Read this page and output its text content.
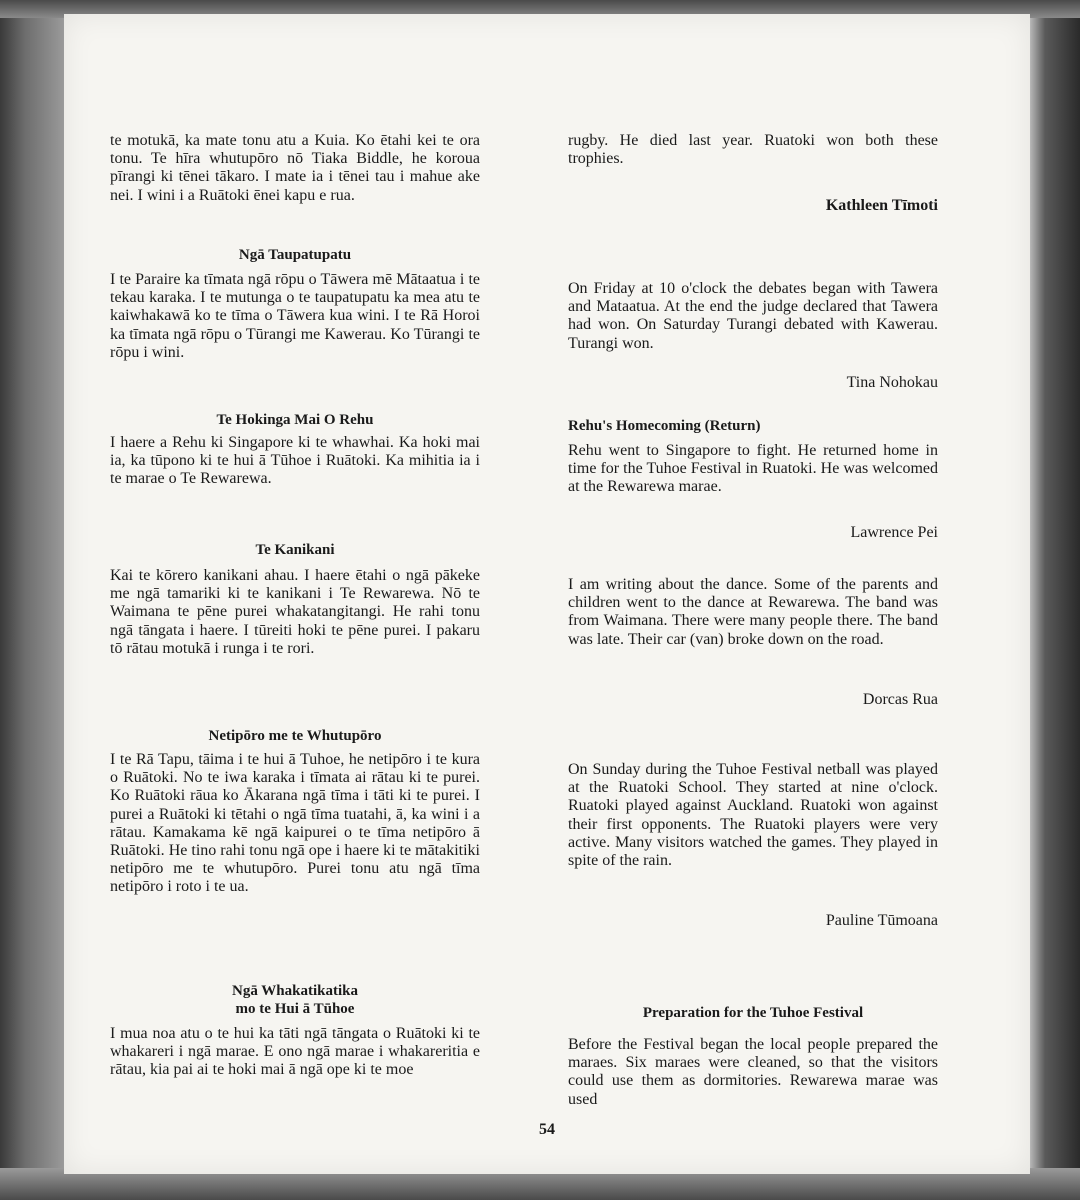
te motukā, ka mate tonu atu a Kuia. Ko ētahi kei te ora tonu. Te hīra whutupōro nō Tiaka Biddle, he koroua pīrangi ki tēnei tākaro. I mate ia i tēnei tau i mahue ake nei. I wini i a Ruātoki ēnei kapu e rua.

Ngā Taupatupatu

I te Paraire ka tīmata ngā rōpu o Tāwera mē Mātaatua i te tekau karaka. I te mutunga o te taupatupatu ka mea atu te kaiwhakawā ko te tīma o Tāwera kua wini. I te Rā Horoi ka tīmata ngā rōpu o Tūrangi me Kawerau. Ko Tūrangi te rōpu i wini.

Te Hokinga Mai O Rehu

I haere a Rehu ki Singapore ki te whawhai. Ka hoki mai ia, ka tūpono ki te hui ā Tūhoe i Ruātoki. Ka mihitia ia i te marae o Te Rewarewa.

Te Kanikani

Kai te kōrero kanikani ahau. I haere ētahi o ngā pākeke me ngā tamariki ki te kanikani i Te Rewarewa. Nō te Waimana te pēne purei whakatangitangi. He rahi tonu ngā tāngata i haere. I tūreiti hoki te pēne purei. I pakaru tō rātau motukā i runga i te rori.

Netipōro me te Whutupōro

I te Rā Tapu, tāima i te hui ā Tuhoe, he netipōro i te kura o Ruātoki. No te iwa karaka i tīmata ai rātau ki te purei. Ko Ruātoki rāua ko Ākarana ngā tīma i tāti ki te purei. I purei a Ruātoki ki tētahi o ngā tīma tuatahi, ā, ka wini i a rātau. Kamakama kē ngā kaipurei o te tīma netipōro ā Ruātoki. He tino rahi tonu ngā ope i haere ki te mātakitiki netipōro me te whutupōro. Purei tonu atu ngā tīma netipōro i roto i te ua.

Ngā Whakatikatika
mo te Hui ā Tūhoe

I mua noa atu o te hui ka tāti ngā tāngata o Ruātoki ki te whakareri i ngā marae. E ono ngā marae i whakareritia e rātau, kia pai ai te hoki mai ā ngā ope ki te moe

rugby. He died last year. Ruatoki won both these trophies.

Kathleen Tīmoti

On Friday at 10 o'clock the debates began with Tawera and Mataatua. At the end the judge declared that Tawera had won. On Saturday Turangi debated with Kawerau. Turangi won.

Tina Nohokau
Rehu's Homecoming (Return)

Rehu went to Singapore to fight. He returned home in time for the Tuhoe Festival in Ruatoki. He was welcomed at the Rewarewa marae.

Lawrence Pei

I am writing about the dance. Some of the parents and children went to the dance at Rewarewa. The band was from Waimana. There were many people there. The band was late. Their car (van) broke down on the road.

Dorcas Rua

On Sunday during the Tuhoe Festival netball was played at the Ruatoki School. They started at nine o'clock. Ruatoki played against Auckland. Ruatoki won against their first opponents. The Ruatoki players were very active. Many visitors watched the games. They played in spite of the rain.

Pauline Tūmoana
Preparation for the Tuhoe Festival

Before the Festival began the local people prepared the maraes. Six maraes were cleaned, so that the visitors could use them as dormitories. Rewarewa marae was used

54
